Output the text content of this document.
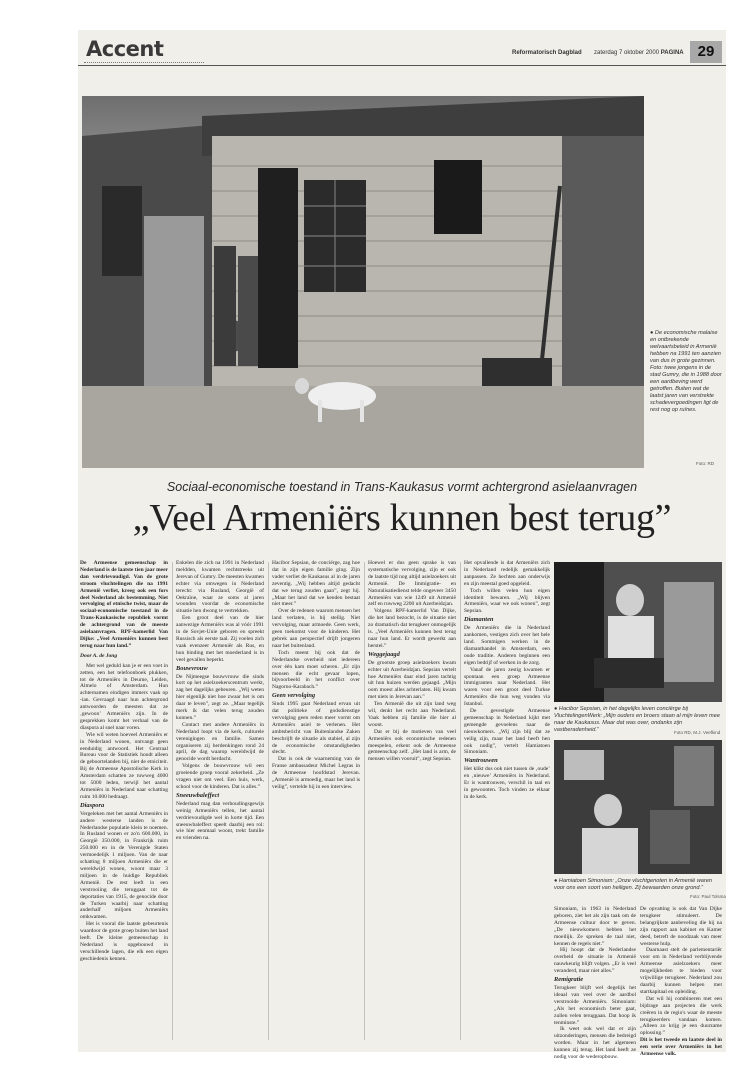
Accent	Reformatorisch Dagblad zaterdag 7 oktober 2000 PAGINA 29
● De economische malaise en ontbrekende welvaartsbeleid in Armenië hebben na 1991 ten aanzien van dus in grote gezinnen. Foto: twee jongens in de stad Gumry, die in 1988 door een aardbeving werd getroffen. Buiten wat de laatst jaren van verstrekte schadevergoedingen ligt de rest nog op ruïnes.
Foto: RD
Sociaal-economische toestand in Trans-Kaukasus vormt achtergrond asielaanvragen
„Veel Armeniërs kunnen best terug”
● Hacibor Sepsian, in het dagelijks leven conciërge bij VluchtelingenWerk: „Mijn ouders en broers staan al mijn leven mee naar de Kaukasus. Maar dat was over, ondanks zijn vastberadenheid.”	Foto RD, M.J. Veefkind
● Hamiatoen Simoniam: „Onze vluchtgenoten in Armenië waren voor ons een soort van heiligen. Zij bewaarden onze grond.”
Foto: Paul Tolsma
De Armeense gemeenschap in Nederland is de laatste tien jaar meer dan verdrievoudigd. Van de grote stroom vluchtelingen die na 1991 Armenië verliet, kreeg ook een fors deel Nederland als bestemming. Niet vervolging of etnische twist, maar de sociaal-economische toestand in de Trans-Kaukasische republiek vormt de achtergrond van de meeste asielaanvragen. RPF-kamerlid Van Dijke: „Veel Armeniërs kunnen best terug naar hun land.”
Door A. de Jong

Met wel geduld kan je er een voet in zetten, een het telefoonboek plukken, tot de Armeniërs in Deurne, Leiden, Almelo of Amsterdam. Hun achternamen eindigen immers vaak op -ian. Gevraagd naar hun achtergrond antwoorden de meesten dat ze ‚gewoon’ Armeniërs zijn. In de gesprekken komt het verhaal van de diaspora al snel naar voren.

Wie wil weten hoeveel Armeniërs er in Nederland wonen, ontvangt geen eenduidig antwoord. Het Centraal Bureau voor de Statistiek houdt alleen de geboortelanden bij, niet de etniciteit. Bij de Armeense Apostolische Kerk in Amsterdam schatten ze ruwweg 4000 tot 5000 leden, terwijl het aantal Armeniërs in Nederland naar schatting ruim 10.000 bedraagt.

Diaspora

Vergeleken met het aantal Armeniërs in andere westerse landen is de Nederlandse populatie klein te noemen. In Rusland wonen er zo'n 600.000, in Georgië 350.000, in Frankrijk ruim 250.000 en in de Verenigde Staten vermoedelijk 1 miljoen. Van de naar schatting 8 miljoen Armeniërs die er wereldwijd wonen, woont maar 3 miljoen in de huidige Republiek Armenië. De rest leeft in een verstrooiing die teruggaat tot de deportaties van 1915, de genocide door de Turken waarbij naar schatting anderhalf miljoen Armeniërs omkwamen.

Het is vooral die laatste gebeurtenis waardoor de grote groep buiten het land leeft. De kleine gemeenschap in Nederland is opgebouwd in verschillende lagen, die elk een eigen geschiedenis kennen.

Enkelen die zich na 1991 in Nederland meldden, kwamen rechtstreeks uit Jerevan of Gumry. De meesten kwamen echter via omwegen in Nederland terecht: via Rusland, Georgië of Oekraïne, waar ze soms al jaren woonden voordat de economische situatie hen dwong te vertrekken.

Een groot deel van de hier aanwezige Armeniërs was al vóór 1991 in de Sovjet-Unie geboren en spreekt Russisch als eerste taal. Zij voelen zich vaak evenzeer Armeniër als Rus, en hun binding met het moederland is in veel gevallen beperkt.

Bouwvrouw

De Nijmeegse bouwvrouw die sinds kort op het asielzoekerscentrum werkt, zag het dagelijks gebeuren. „Wij weten hier eigenlijk niet hoe zwaar het is om daar te leven”, zegt ze. „Maar tegelijk merk ik dat velen terug zouden kunnen.”

Contact met andere Armeniërs in Nederland loopt via de kerk, culturele verenigingen en familie. Samen organiseren zij herdenkingen rond 24 april, de dag waarop wereldwijd de genocide wordt herdacht.

Volgens de bouwvrouw wil een groeiende groep vooral zekerheid. „Ze vragen niet om veel. Een huis, werk, school voor de kinderen. Dat is alles.”

Sneeuwbaleffect

Nederland mag dan verhoudingsgewijs weinig Armeniërs tellen, het aantal verdrievoudigde wel in korte tijd. Een sneeuwbaleffect speelt daarbij een rol: wie hier eenmaal woont, trekt familie en vrienden na.

Hacibor Sepsian, de conciërge, zag hoe dat in zijn eigen familie ging. Zijn vader verliet de Kaukasus al in de jaren zeventig. „Wij hebben altijd gedacht dat we terug zouden gaan”, zegt hij. „Maar het land dat we kenden bestaat niet meer.”

Over de redenen waarom mensen het land verlaten, is hij stellig. Niet vervolging, maar armoede. Geen werk, geen toekomst voor de kinderen. Het gebrek aan perspectief drijft jongeren naar het buitenland.

Toch meent hij ook dat de Nederlandse overheid niet iedereen over één kam moet scheren. „Er zijn mensen die echt gevaar lopen, bijvoorbeeld in het conflict over Nagorno-Karabach.”

Geen vervolging

Sinds 1995 gaat Nederland ervan uit dat politieke of godsdienstige vervolging geen reden meer vormt om Armeniërs asiel te verlenen. Het ambtsbericht van Buitenlandse Zaken beschrijft de situatie als stabiel, al zijn de economische omstandigheden slecht.

Dat is ook de waarneming van de Franse ambassadeur Michel Legras in de Armeense hoofdstad Jerevan. „Armenië is armoedig, maar het land is veilig”, vertelde hij in een interview.

Hoewel er dus geen sprake is van systematische vervolging, zijn er ook de laatste tijd nog altijd asielzoekers uit Armenië. De Immigratie- en Naturalisatiedienst telde ongeveer 3450 Armeniërs van wie 1249 uit Armenië zelf en ruwweg 2200 uit Azerbeidzjan.

Volgens RPF-kamerlid Van Dijke, die het land bezocht, is de situatie niet zo dramatisch dat terugkeer onmogelijk is. „Veel Armeniërs kunnen best terug naar hun land. Er wordt gewerkt aan herstel.”

Weggejaagd

De grootste groep asielzoekers kwam echter uit Azerbeidzjan. Sepsian vertelt hoe Armeniërs daar eind jaren tachtig uit hun huizen werden gejaagd. „Mijn oom moest alles achterlaten. Hij kwam met niets in Jerevan aan.”

Ten Armenië die uit zijn land weg wil, denkt het recht aan Nederland. Vaak hebben zij familie die hier al woont.

Dat er bij de motieven van veel Armeniërs ook economische redenen meespelen, erkent ook de Armeense gemeenschap zelf. „Het land is arm, de mensen willen vooruit”, zegt Sepsian.

Het opvallende is dat Armeniërs zich in Nederland redelijk gemakkelijk aanpassen. Ze hechten aan onderwijs en zijn meestal goed opgeleid.

Toch willen velen hun eigen identiteit bewaren. „Wij blijven Armeniërs, waar we ook wonen”, zegt Sepsian.

Diamanten

De Armeniërs die in Nederland aankomen, vestigen zich over het hele land. Sommigen werken in de diamanthandel in Amsterdam, een oude traditie. Anderen beginnen een eigen bedrijf of werken in de zorg.

Vanaf de jaren zestig kwamen er spontaan een groep Armeense immigranten naar Nederland. Het waren voor een groot deel Turkse Armeniërs die hun weg vonden via Istanbul.

De gevestigde Armeense gemeenschap in Nederland kijkt met gemengde gevoelens naar de nieuwkomers. „Wij zijn blij dat ze veilig zijn, maar het land heeft hen ook nodig”, vertelt Hamiatoen Simoniam.

Wantrouwen

Het klikt dus ook niet tussen de ‚oude’ en ‚nieuwe’ Armeniërs in Nederland. Er is wantrouwen, verschil in taal en in gewoonten. Toch vinden ze elkaar in de kerk.

Simoniam, in 1963 in Nederland geboren, ziet het als zijn taak om de Armeense cultuur door te geven. „De nieuwkomers hebben het moeilijk. Ze spreken de taal niet, kennen de regels niet.”

Hij hoopt dat de Nederlandse overheid de situatie in Armenië nauwkeurig blijft volgen. „Er is veel veranderd, maar niet alles.”

Remigratie

Terugkeer blijft wel degelijk het ideaal van veel over de aardbol verstrooide Armeniërs. Simoniam: „Als het economisch beter gaat, zullen velen teruggaan. Dat hoop ik tenminste.”

Ik weet ook wel dat er zijn uitzonderingen, mensen die bedreigd worden. Maar in het algemeen kunnen zij terug. Het land heeft ze nodig voor de wederopbouw.

De opvatting is ook dat Van Dijke terugkeer stimuleert. De belangrijkste aanbeveling die hij na zijn rapport aan kabinet en Kamer deed, betreft de noodzaak van meer westerse hulp.

Daarnaast stelt de parlementariër voor om in Nederland verblijvende Armeense asielzoekers meer mogelijkheden te bieden voor vrijwillige terugkeer. Nederland zou daarbij kunnen helpen met startkapitaal en opleiding.

Dat wil hij combineren met een bijdrage aan projecten die werk creëren in de regio's waar de meeste terugkeerders vandaan komen. „Alleen zo krijg je een duurzame oplossing.”

Dit is het tweede en laatste deel in een serie over Armeniërs in het Armeense volk.
